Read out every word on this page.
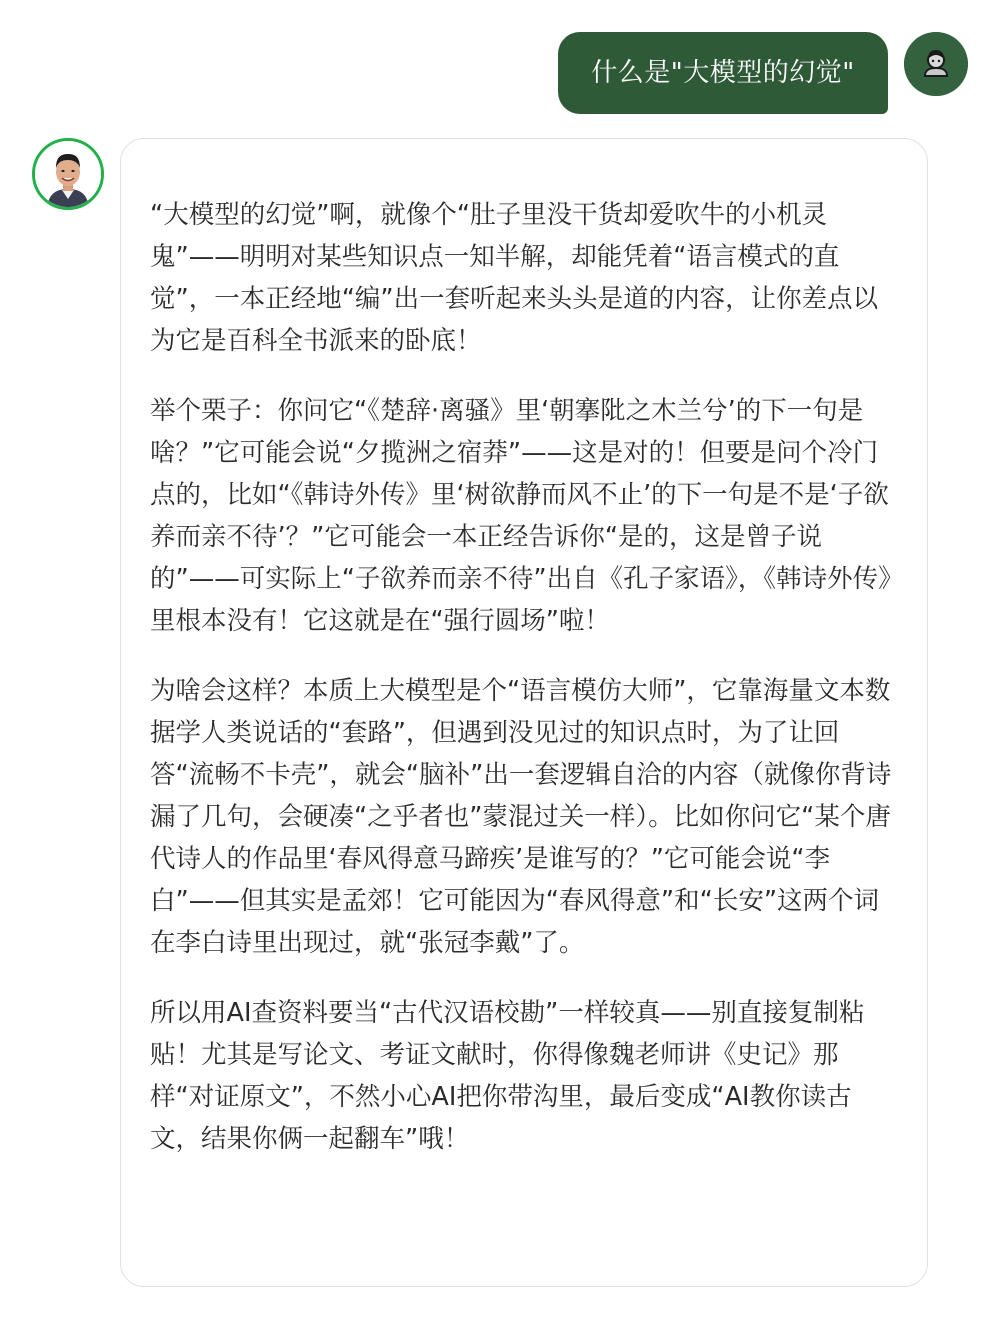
什么是"大模型的幻觉"

“大模型的幻觉”啊，就像个“肚子里没干货却爱吹牛的小机灵鬼”——明明对某些知识点一知半解，却能凭着“语言模式的直觉”，一本正经地“编”出一套听起来头头是道的内容，让你差点以为它是百科全书派来的卧底！

举个栗子：你问它“《楚辞·离骚》里‘朝搴阰之木兰兮’的下一句是啥？”它可能会说“夕揽洲之宿莽”——这是对的！但要是问个冷门点的，比如“《韩诗外传》里‘树欲静而风不止’的下一句是不是‘子欲养而亲不待’？”它可能会一本正经告诉你“是的，这是曾子说的”——可实际上“子欲养而亲不待”出自《孔子家语》，《韩诗外传》里根本没有！它这就是在“强行圆场”啦！

为啥会这样？本质上大模型是个“语言模仿大师”，它靠海量文本数据学人类说话的“套路”，但遇到没见过的知识点时，为了让回答“流畅不卡壳”，就会“脑补”出一套逻辑自洽的内容（就像你背诗漏了几句，会硬凑“之乎者也”蒙混过关一样）。比如你问它“某个唐代诗人的作品里‘春风得意马蹄疾’是谁写的？”它可能会说“李白”——但其实是孟郊！它可能因为“春风得意”和“长安”这两个词在李白诗里出现过，就“张冠李戴”了。

所以用AI查资料要当“古代汉语校勘”一样较真——别直接复制粘贴！尤其是写论文、考证文献时，你得像魏老师讲《史记》那样“对证原文”，不然小心AI把你带沟里，最后变成“AI教你读古文，结果你俩一起翻车”哦！
